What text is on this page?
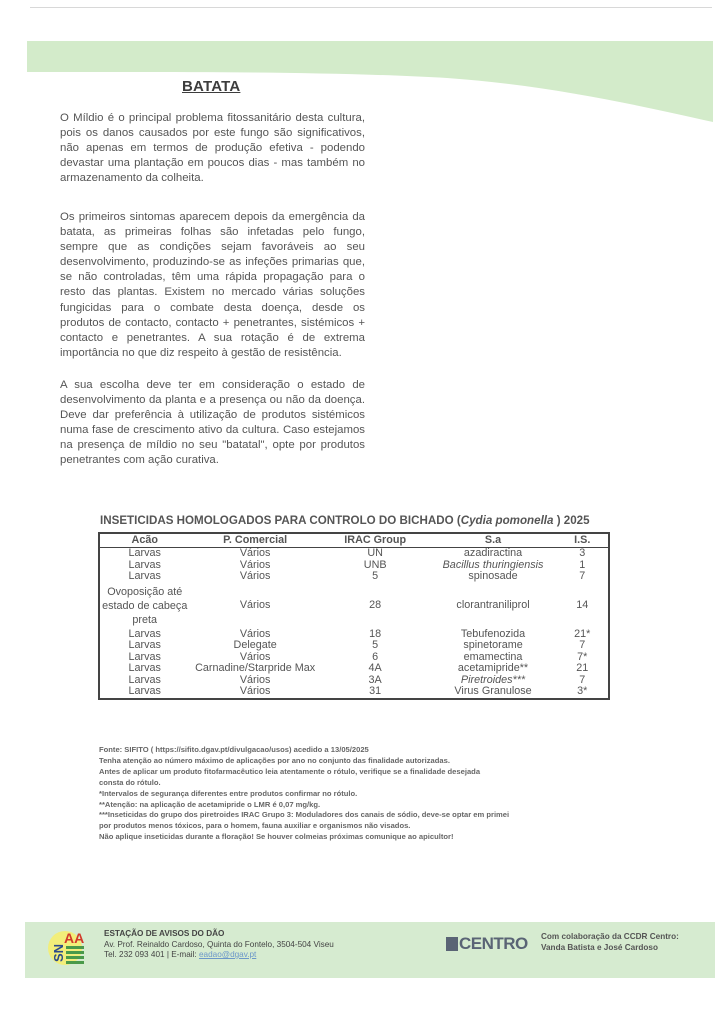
BATATA
O Míldio é o principal problema fitossanitário desta cultura, pois os danos causados por este fungo são significativos, não apenas em termos de produção efetiva - podendo devastar uma plantação em poucos dias - mas também no armazenamento da colheita.
Os primeiros sintomas aparecem depois da emergência da batata, as primeiras folhas são infetadas pelo fungo, sempre que as condições sejam favoráveis ao seu desenvolvimento, produzindo-se as infeções primarias que, se não controladas, têm uma rápida propagação para o resto das plantas. Existem no mercado várias soluções fungicidas para o combate desta doença, desde os produtos de contacto, contacto + penetrantes, sistémicos + contacto e penetrantes. A sua rotação é de extrema importância no que diz respeito à gestão de resistência.
A sua escolha deve ter em consideração o estado de desenvolvimento da planta e a presença ou não da doença. Deve dar preferência à utilização de produtos sistémicos numa fase de crescimento ativo da cultura. Caso estejamos na presença de míldio no seu "batatal", opte por produtos penetrantes com ação curativa.
INSETICIDAS HOMOLOGADOS PARA CONTROLO DO BICHADO (Cydia pomonella ) 2025
Acão	P. Comercial	IRAC Group	S.a	I.S.
Larvas	Vários	UN	azadiractina	3
Larvas	Vários	UNB	Bacillus thuringiensis	1
Larvas	Vários	5	spinosade	7
Ovoposição até estado de cabeça preta	Vários	28	clorantraniliprol	14
Larvas	Vários	18	Tebufenozida	21*
Larvas	Delegate	5	spinetorame	7
Larvas	Vários	6	emamectina	7*
Larvas	Carnadine/Starpride Max	4A	acetamipride**	21
Larvas	Vários	3A	Piretroides***	7
Larvas	Vários	31	Virus Granulose	3*
Fonte: SIFITO ( https://sifito.dgav.pt/divulgacao/usos) acedido a 13/05/2025
Tenha atenção ao número máximo de aplicações por ano no conjunto das finalidade autorizadas.
Antes de aplicar um produto fitofarmacêutico leia atentamente o rótulo, verifique se a finalidade desejada
consta do rótulo.
*Intervalos de segurança diferentes entre produtos confirmar no rótulo.
**Atenção: na aplicação de acetamipride o LMR é 0,07 mg/kg.
***Inseticidas do grupo dos piretroides IRAC Grupo 3: Moduladores dos canais de sódio, deve-se optar em primei
por produtos menos tóxicos, para o homem, fauna auxiliar e organismos não visados.
Não aplique inseticidas durante a floração! Se houver colmeias próximas comunique ao apicultor!
SN
AA ESTAÇÃO DE AVISOS DO DÃO
Av. Prof. Reinaldo Cardoso, Quinta do Fontelo, 3504-504 Viseu
Tel. 232 093 401 | E-mail: eadao@dgav.pt
CENTRO Com colaboração da CCDR Centro:
Vanda Batista e José Cardoso
